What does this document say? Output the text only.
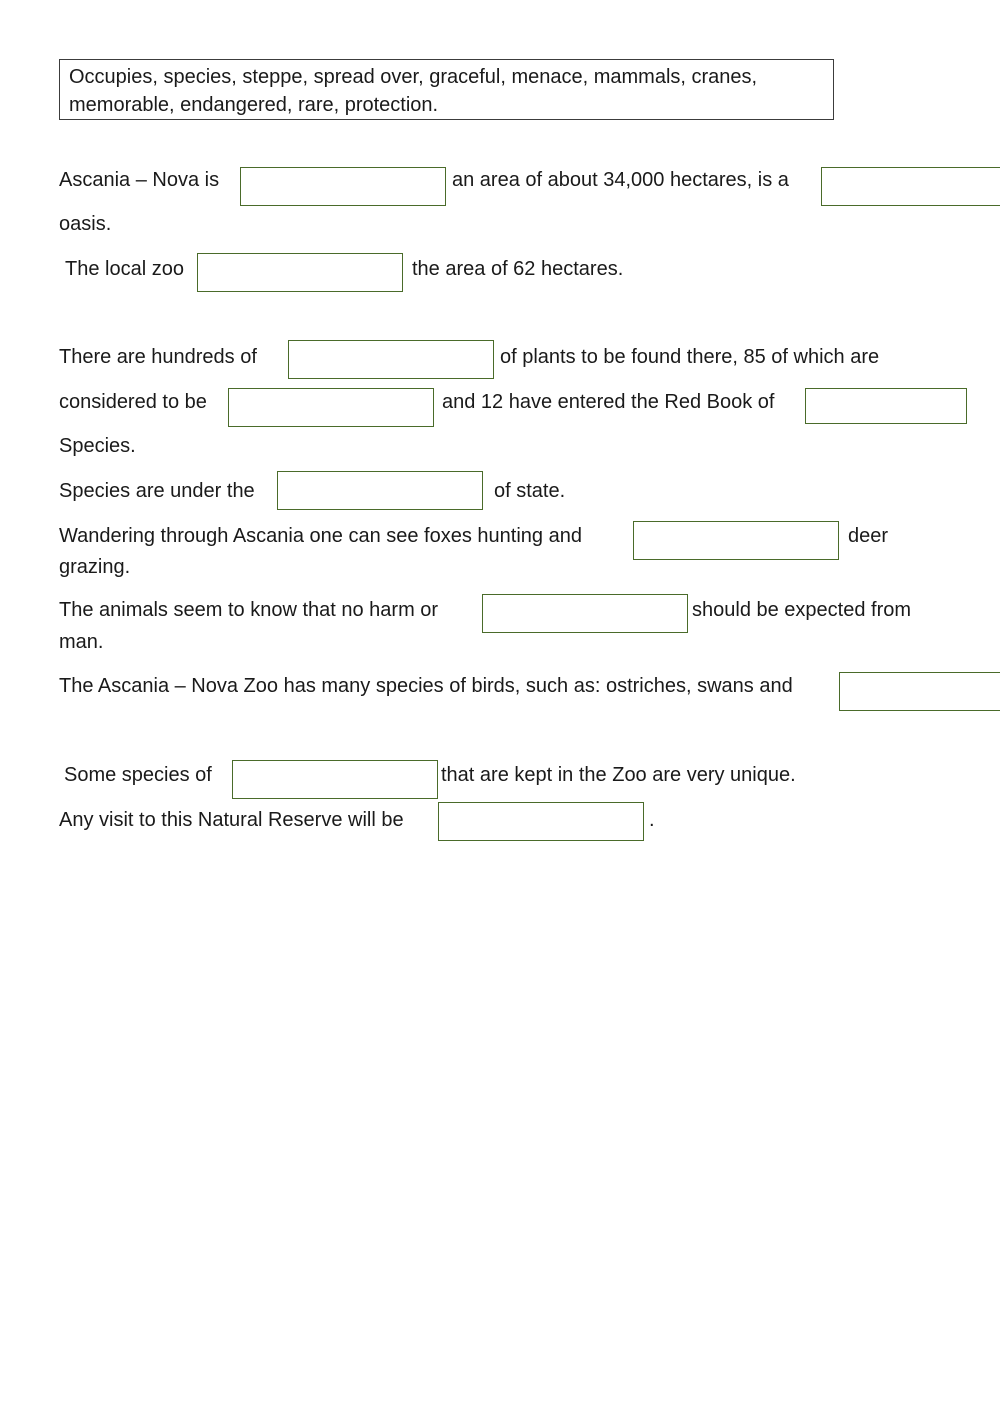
Occupies, species, steppe, spread over, graceful, menace, mammals, cranes, memorable, endangered, rare, protection.
Ascania – Nova is	an area of about 34,000 hectares, is a
oasis.
The local zoo	the area of 62 hectares.
There are hundreds of	of plants to be found there, 85 of which are
considered to be	and 12 have entered the Red Book of
Species.
Species are under the	of state.
Wandering through Ascania one can see foxes hunting and	deer
grazing.
The animals seem to know that no harm or	should be expected from
man.
The Ascania – Nova Zoo has many species of birds, such as: ostriches, swans and
Some species of	that are kept in the Zoo are very unique.
Any visit to this Natural Reserve will be	.
